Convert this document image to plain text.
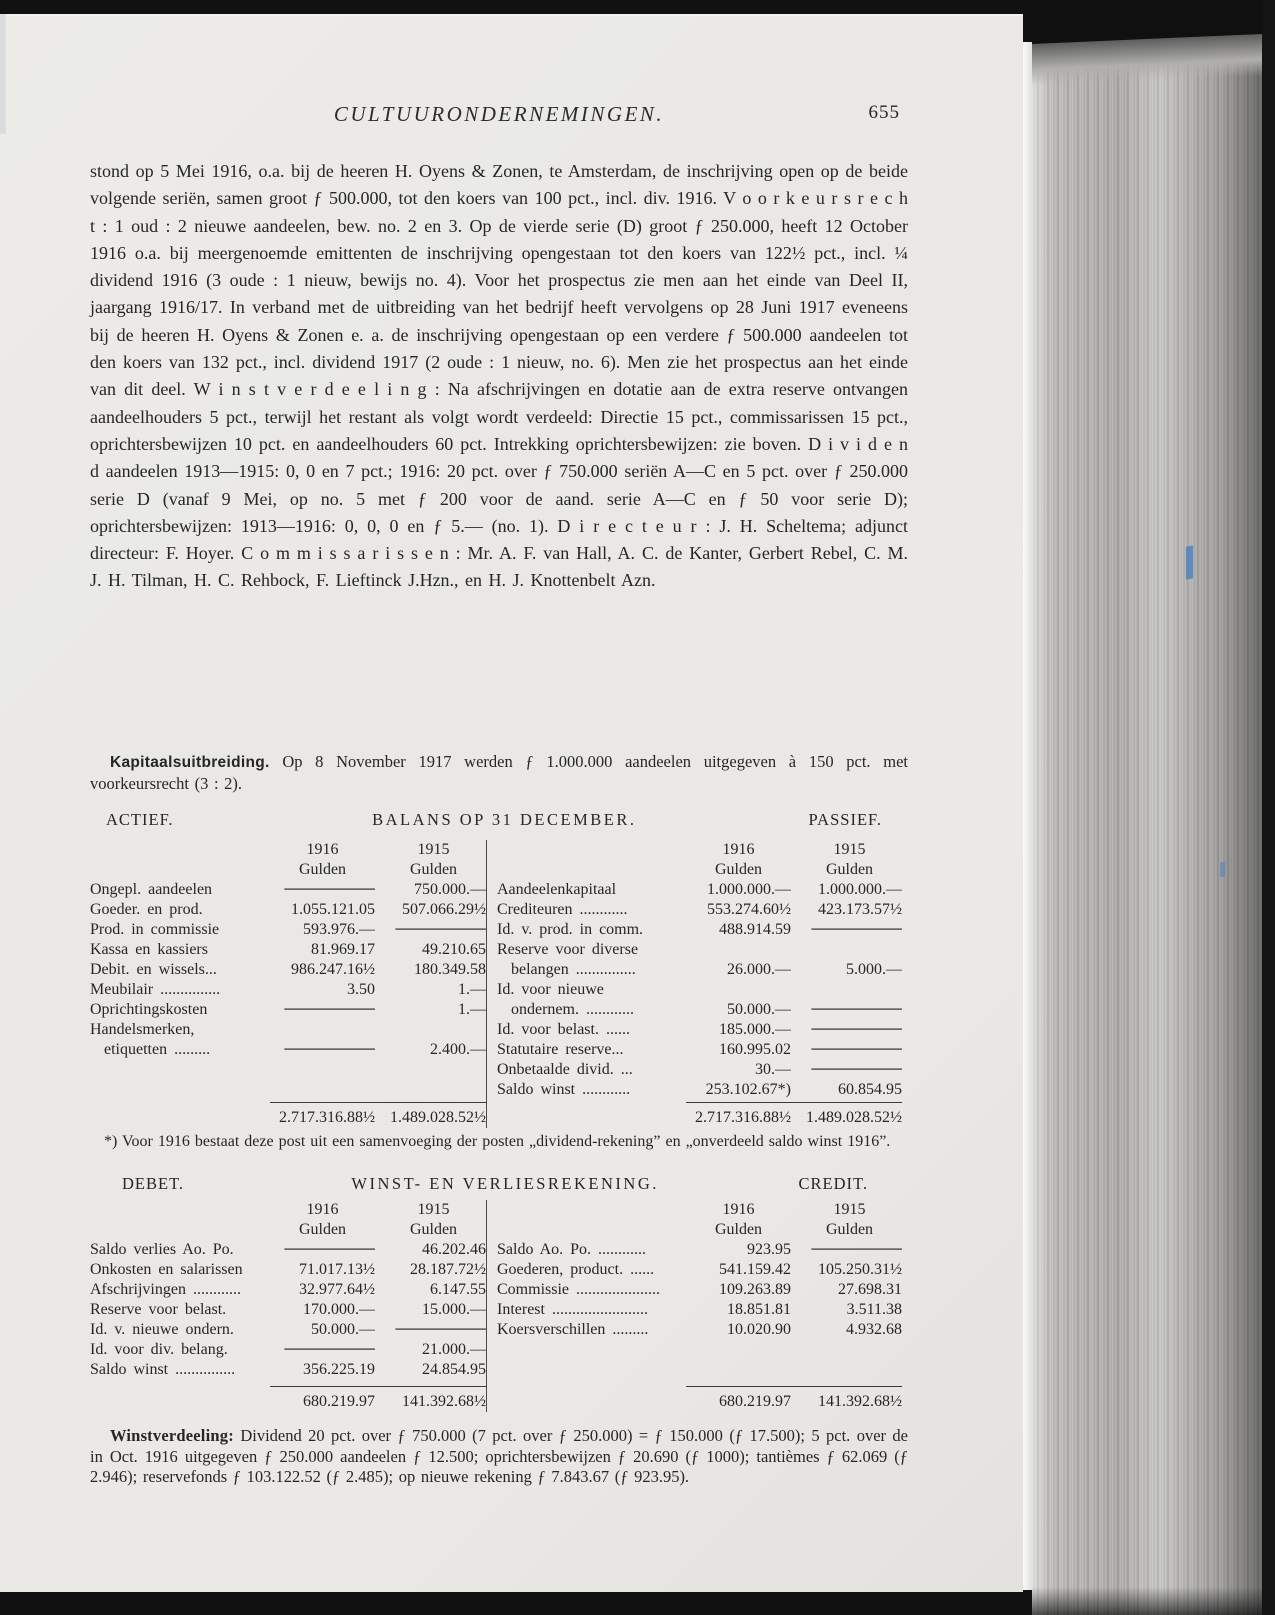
CULTUURONDERNEMINGEN.	655
stond op 5 Mei 1916, o.a. bij de heeren H. Oyens & Zonen, te Amsterdam, de inschrijving open op de beide volgende seriën, samen groot ƒ 500.000, tot den koers van 100 pct., incl. div. 1916. V o o r k e u r s r e c h t : 1 oud : 2 nieuwe aandeelen, bew. no. 2 en 3. Op de vierde serie (D) groot ƒ 250.000, heeft 12 October 1916 o.a. bij meergenoemde emittenten de inschrijving opengestaan tot den koers van 122½ pct., incl. ¼ dividend 1916 (3 oude : 1 nieuw, bewijs no. 4). Voor het prospectus zie men aan het einde van Deel II, jaargang 1916/17. In verband met de uitbreiding van het bedrijf heeft vervolgens op 28 Juni 1917 eveneens bij de heeren H. Oyens & Zonen e. a. de inschrijving opengestaan op een verdere ƒ 500.000 aandeelen tot den koers van 132 pct., incl. dividend 1917 (2 oude : 1 nieuw, no. 6). Men zie het prospectus aan het einde van dit deel. W i n s t v e r d e e l i n g : Na afschrijvingen en dotatie aan de extra reserve ontvangen aandeelhouders 5 pct., terwijl het restant als volgt wordt verdeeld: Directie 15 pct., commissarissen 15 pct., oprichtersbewijzen 10 pct. en aandeelhouders 60 pct. Intrekking oprichtersbewijzen: zie boven. D i v i d e n d aandeelen 1913—1915: 0, 0 en 7 pct.; 1916: 20 pct. over ƒ 750.000 seriën A—C en 5 pct. over ƒ 250.000 serie D (vanaf 9 Mei, op no. 5 met ƒ 200 voor de aand. serie A—C en ƒ 50 voor serie D); oprichtersbewijzen: 1913—1916: 0, 0, 0 en ƒ 5.— (no. 1). D i r e c t e u r : J. H. Scheltema; adjunct directeur: F. Hoyer. C o m m i s s a r i s s e n : Mr. A. F. van Hall, A. C. de Kanter, Gerbert Rebel, C. M. J. H. Tilman, H. C. Rehbock, F. Lieftinck J.Hzn., en H. J. Knottenbelt Azn.
Kapitaalsuitbreiding. Op 8 November 1917 werden ƒ 1.000.000 aandeelen uitgegeven à 150 pct. met voorkeursrecht (3 : 2).
ACTIEF.	BALANS OP 31 DECEMBER.	PASSIEF.
1916	1915
Gulden	Gulden
Ongepl. aandeelen	────────	750.000.—
Goeder. en prod.	1.055.121.05	507.066.29½
Prod. in commissie	593.976.—	────────
Kassa en kassiers	81.969.17	49.210.65
Debit. en wissels...	986.247.16½	180.349.58
Meubilair ...............	3.50	1.—
Oprichtingskosten	────────	1.—
Handelsmerken,
etiquetten .........	────────	2.400.—
2.717.316.88½ 1.489.028.52½
1916	1915
Gulden	Gulden
Aandeelenkapitaal	1.000.000.—	1.000.000.—
Crediteuren ............	553.274.60½	423.173.57½
Id. v. prod. in comm.	488.914.59	────────
Reserve voor diverse
belangen ...............	26.000.—	5.000.—
Id. voor nieuwe
ondernem. ............	50.000.—	────────
Id. voor belast. ......	185.000.—	────────
Statutaire reserve...	160.995.02	────────
Onbetaalde divid. ...	30.—	────────
Saldo winst ............	253.102.67*)	60.854.95
2.717.316.88½ 1.489.028.52½
*) Voor 1916 bestaat deze post uit een samenvoeging der posten „dividend-rekening” en „onverdeeld saldo winst 1916”.
DEBET.	WINST- EN VERLIESREKENING.	CREDIT.
1916	1915
Gulden	Gulden
Saldo verlies Ao. Po.	────────	46.202.46
Onkosten en salarissen	71.017.13½	28.187.72½
Afschrijvingen ............	32.977.64½	6.147.55
Reserve voor belast.	170.000.—	15.000.—
Id. v. nieuwe ondern.	50.000.—	────────
Id. voor div. belang.	────────	21.000.—
Saldo winst ...............	356.225.19	24.854.95
680.219.97	141.392.68½
1916	1915
Gulden	Gulden
Saldo Ao. Po. ............	923.95	────────
Goederen, product. ......	541.159.42	105.250.31½
Commissie .....................	109.263.89	27.698.31
Interest ........................	18.851.81	3.511.38
Koersverschillen .........	10.020.90	4.932.68
680.219.97	141.392.68½
Winstverdeeling: Dividend 20 pct. over ƒ 750.000 (7 pct. over ƒ 250.000) = ƒ 150.000 (ƒ 17.500); 5 pct. over de in Oct. 1916 uitgegeven ƒ 250.000 aandeelen ƒ 12.500; oprichtersbewijzen ƒ 20.690 (ƒ 1000); tantièmes ƒ 62.069 (ƒ 2.946); reservefonds ƒ 103.122.52 (ƒ 2.485); op nieuwe rekening ƒ 7.843.67 (ƒ 923.95).
